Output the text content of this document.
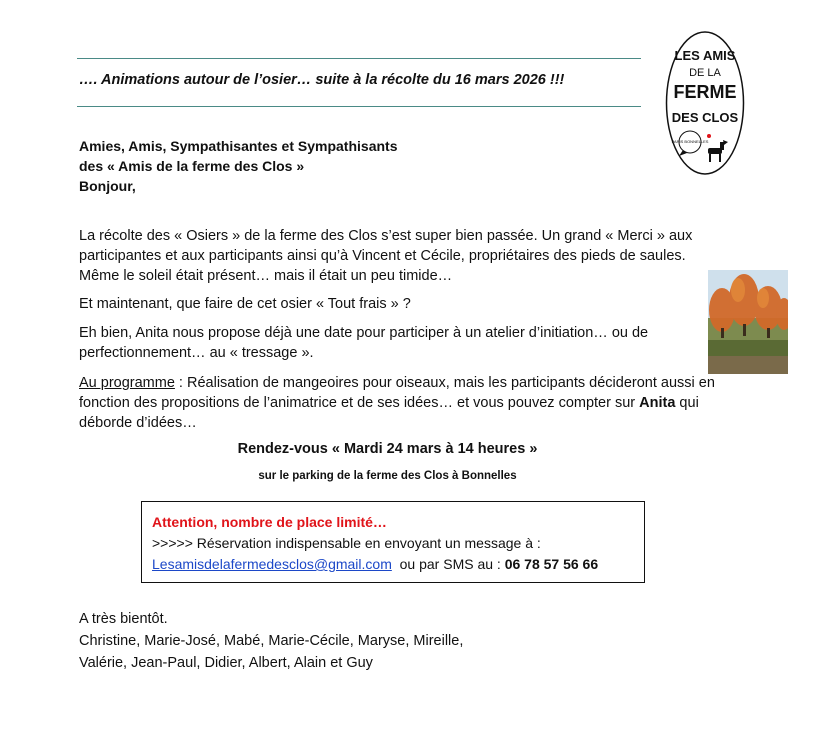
…. Animations autour de l’osier… suite à la récolte du 16 mars 2026 !!!
LES AMIS
DE LA
FERME
DES CLOS
PARIS BONNELLES
Amies, Amis, Sympathisantes et Sympathisants
des « Amis de la ferme des Clos »
Bonjour,
La récolte des « Osiers » de la ferme des Clos s’est super bien passée. Un grand « Merci » aux participantes et aux participants ainsi qu’à Vincent et Cécile, propriétaires des pieds de saules. Même le soleil était présent… mais il était un peu timide…
Et maintenant, que faire de cet osier « Tout frais » ?
Eh bien, Anita nous propose déjà une date pour participer à un atelier d’initiation… ou de perfectionnement… au « tressage ».
Au programme : Réalisation de mangeoires pour oiseaux, mais les participants décideront aussi en fonction des propositions de l’animatrice et de ses idées… et vous pouvez compter sur Anita qui déborde d’idées…
Rendez-vous « Mardi 24 mars à 14 heures »
sur le parking de la ferme des Clos à Bonnelles
Attention, nombre de place limité…
>>>>> Réservation indispensable en envoyant un message à :
Lesamisdelafermedesclos@gmail.com  ou par SMS au : 06 78 57 56 66
A très bientôt.
Christine, Marie-José, Mabé, Marie-Cécile, Maryse, Mireille,
Valérie, Jean-Paul, Didier, Albert, Alain et Guy
